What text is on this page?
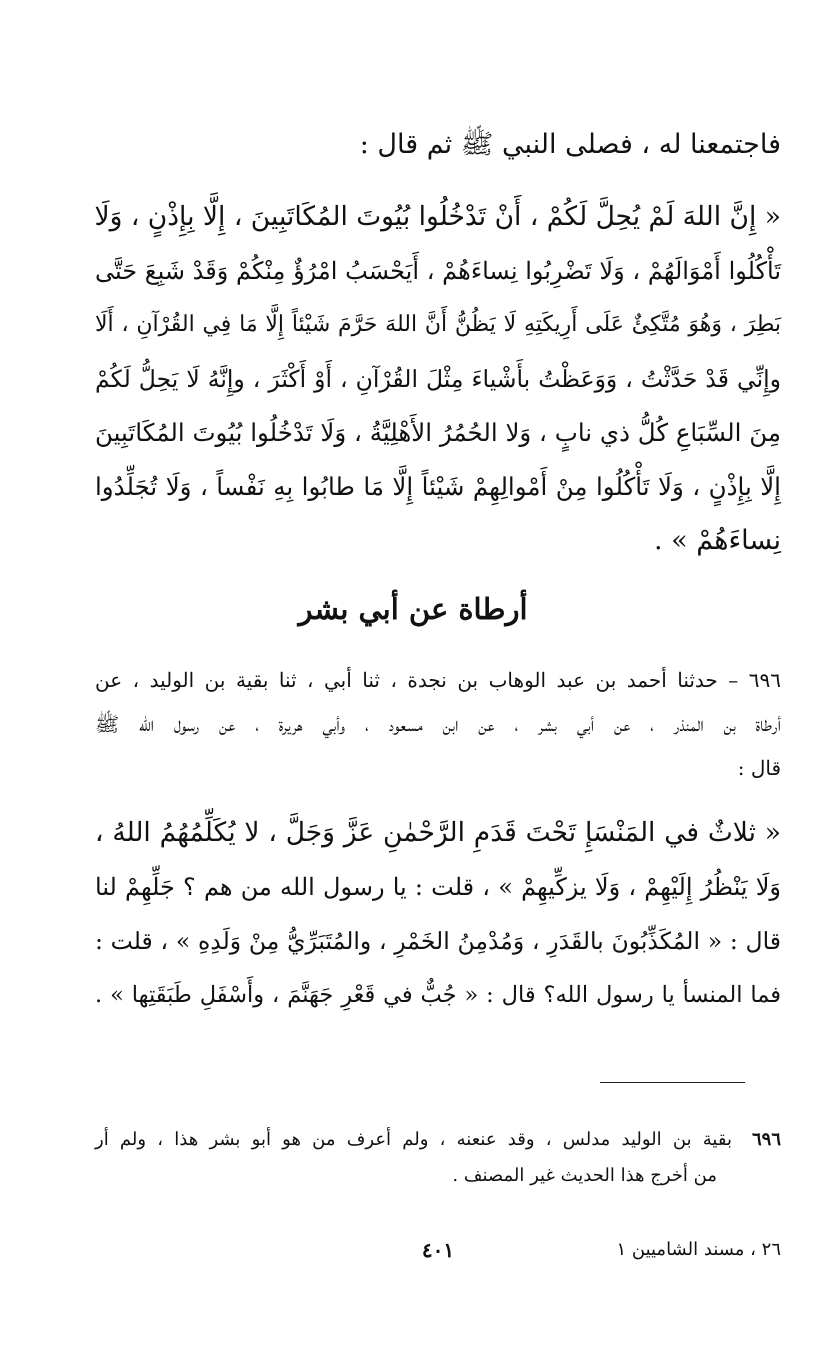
فاجتمعنا له ، فصلى النبي ﷺ ثم قال :
« إِنَّ اللهَ لَمْ يُحِلَّ لَكُمْ ، أَنْ تَدْخُلُوا بُيُوتَ المُكَاتَبِينَ ، إِلَّا بِإِذْنٍ ، وَلَا
تَأْكُلُوا أَمْوَالَهُمْ ، وَلَا تَضْرِبُوا نِساءَهُمْ ، أَيَحْسَبُ امْرُؤٌ مِنْكُمْ وَقَدْ شَبِعَ حَتَّى
بَطِرَ ، وَهُوَ مُتَّكِئٌ عَلَى أَرِيكَتِهِ لَا يَظُنُّ أَنَّ اللهَ حَرَّمَ شَيْئاً إِلَّا مَا فِي القُرْآنِ ، أَلَا
وإِنِّي قَدْ حَدَّثْتُ ، وَوَعَظْتُ بأَشْياءَ مِثْلَ القُرْآنِ ، أَوْ أَكْثَرَ ، وإِنَّهُ لَا يَحِلُّ لَكُمْ
مِنَ السِّبَاعِ كُلُّ ذي نابٍ ، وَلا الحُمُرُ الأَهْلِيَّةُ ، وَلَا تَدْخُلُوا بُيُوتَ المُكَاتَبِينَ
إِلَّا بِإِذْنٍ ، وَلَا تَأْكُلُوا مِنْ أَمْوالِهِمْ شَيْئاً إِلَّا مَا طابُوا بِهِ نَفْساً ، وَلَا تُجَلِّدُوا
نِساءَهُمْ » .
أرطاة عن أبي بشر
٦٩٦ – حدثنا أحمد بن عبد الوهاب بن نجدة ، ثنا أبي ، ثنا بقية بن الوليد ، عن
أرطاة بن المنذر ، عن أبي بشر ، عن ابن مسعود ، وأبي هريرة ، عن رسول الله ﷺ
قال :
« ثلاثٌ في المَنْسَإِ تَحْتَ قَدَمِ الرَّحْمٰنِ عَزَّ وَجَلَّ ، لا يُكَلِّمُهُمُ اللهُ ،
وَلَا يَنْظُرُ إِلَيْهِمْ ، وَلَا يزكِّيهِمْ » ، قلت : يا رسول الله من هم ؟ جَلِّهِمْ لنا
قال : « المُكَذِّبُونَ بالقَدَرِ ، وَمُدْمِنُ الخَمْرِ ، والمُتَبَرِّيُّ مِنْ وَلَدِهِ » ، قلت :
فما المنسأ يا رسول الله؟ قال : « جُبٌّ في قَعْرِ جَهَنَّمَ ، وأَسْفَلِ طَبَقَتِها » .
٦٩٦بقية بن الوليد مدلس ، وقد عنعنه ، ولم أعرف من هو أبو بشر هذا ، ولم أر
من أخرج هذا الحديث غير المصنف .
٢٦ ، مسند الشاميين ١
٤٠١
